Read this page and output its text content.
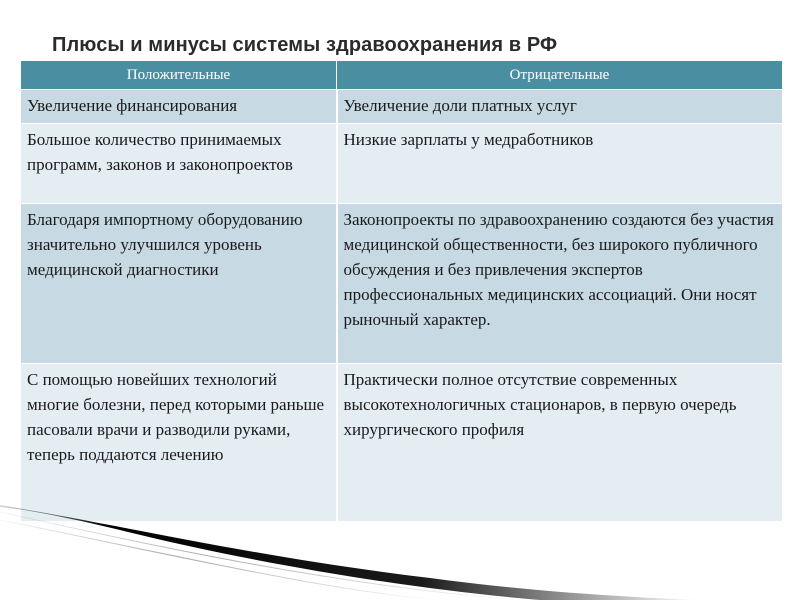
Плюсы и минусы системы здравоохранения в РФ
Положительные	Отрицательные
Увеличение финансирования	Увеличение доли платных услуг
Большое количество принимаемых программ, законов и законопроектов	Низкие зарплаты у медработников
Благодаря импортному оборудованию значительно улучшился уровень медицинской диагностики	Законопроекты по здравоохранению создаются без участия медицинской общественности, без широкого публичного обсуждения и без привлечения экспертов профессиональных медицинских ассоциаций. Они носят рыночный характер.
С помощью новейших технологий многие болезни, перед которыми раньше пасовали врачи и разводили руками, теперь поддаются лечению	Практически полное отсутствие современных высокотехнологичных стационаров, в первую очередь хирургического профиля
